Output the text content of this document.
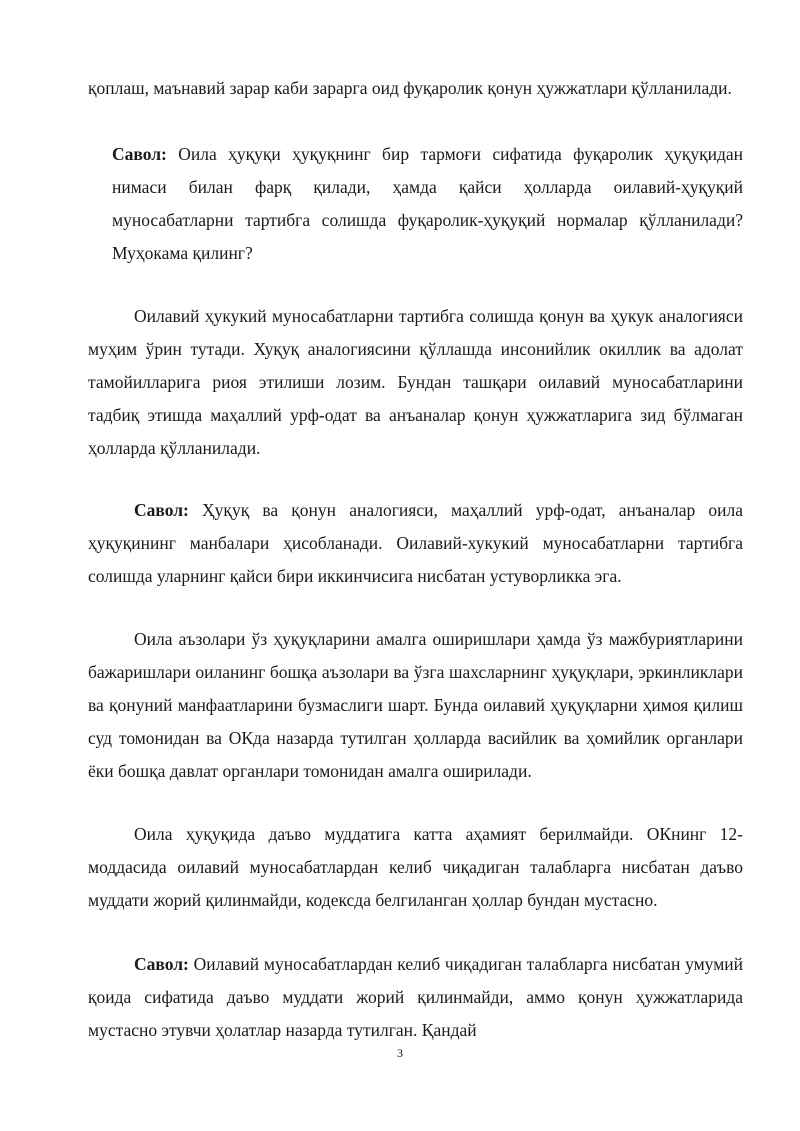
қоплаш, маънавий зарар каби зарарга оид фуқаролик қонун ҳужжатлари қўлланилади.

Савол: Оила ҳуқуқи ҳуқуқнинг бир тармоғи сифатида фуқаролик ҳуқуқидан нимаси билан фарқ қилади, ҳамда қайси ҳолларда оилавий-ҳуқуқий муносабатларни тартибга солишда фуқаролик-ҳуқуқий нормалар қўлланилади? Муҳокама қилинг?

Оилавий ҳукукий муносабатларни тартибга солишда қонун ва ҳукук аналогияси муҳим ўрин тутади. Хуқуқ аналогиясини қўллашда инсонийлик окиллик ва адолат тамойилларига риоя этилиши лозим. Бундан ташқари оилавий муносабатларини тадбиқ этишда маҳаллий урф-одат ва анъаналар қонун ҳужжатларига зид бўлмаган ҳолларда қўлланилади.

Савол: Ҳуқуқ ва қонун аналогияси, маҳаллий урф-одат, анъаналар оила ҳуқуқининг манбалари ҳисобланади. Оилавий-хукукий муносабатларни тартибга солишда уларнинг қайси бири иккинчисига нисбатан устуворликка эга.

Оила аъзолари ўз ҳуқуқларини амалга оширишлари ҳамда ўз мажбуриятларини бажаришлари оиланинг бошқа аъзолари ва ўзга шахсларнинг ҳуқуқлари, эркинликлари ва қонуний манфаатларини бузмаслиги шарт. Бунда оилавий ҳуқуқларни ҳимоя қилиш суд томонидан ва ОКда назарда тутилган ҳолларда васийлик ва ҳомийлик органлари ёки бошқа давлат органлари томонидан амалга оширилади.

Оила ҳуқуқида даъво муддатига катта аҳамият берилмайди. ОКнинг 12-моддасида оилавий муносабатлардан келиб чиқадиган талабларга нисбатан даъво муддати жорий қилинмайди, кодексда белгиланган ҳоллар бундан мустасно.

Савол: Оилавий муносабатлардан келиб чиқадиган талабларга нисбатан умумий қоида сифатида даъво муддати жорий қилинмайди, аммо қонун ҳужжатларида мустасно этувчи ҳолатлар назарда тутилган. Қандай

3
